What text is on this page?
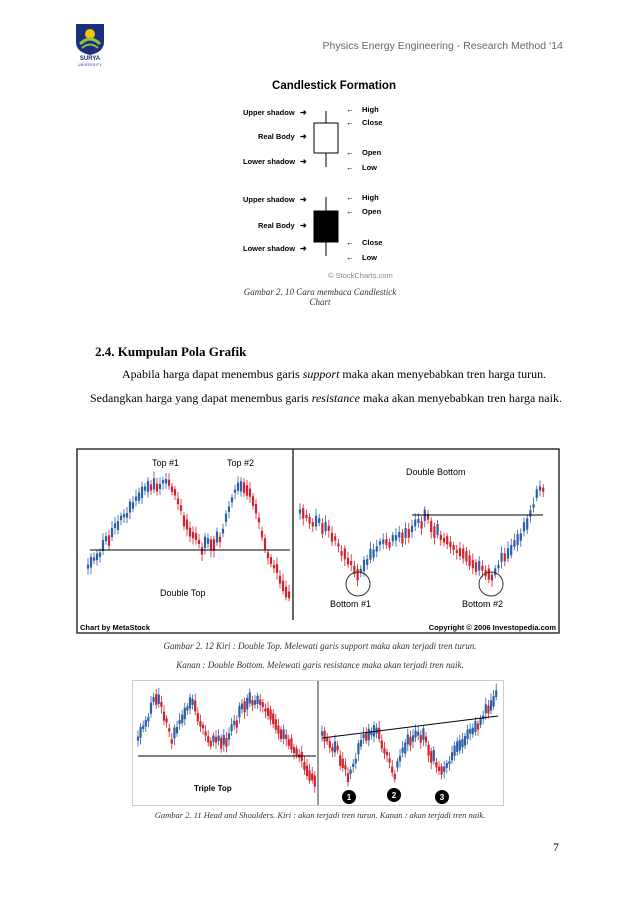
SURYA
UNIVERSITY
Physics Energy Engineering - Research Method ‘14
Candlestick Formation
Upper shadow ➜
Real Body ➜
Lower shadow ➜
← High
← Close
← Open
← Low
Upper shadow ➜
Real Body ➜
Lower shadow ➜
← High
← Open
← Close
← Low
© StockCharts.com
Gambar 2. 10 Cara membaca Candlestick
Chart
2.4. Kumpulan Pola Grafik
Apabila harga dapat menembus garis support maka akan menyebabkan tren harga turun.
Sedangkan harga yang dapat menembus garis resistance maka akan menyebabkan tren harga naik.
Top #1	Top #2
Double Top
Double Bottom
Bottom #1	Bottom #2
Chart by MetaStock	Copyright © 2006 Investopedia.com
Gambar 2. 12 Kiri : Double Top. Melewati garis support maka akan terjadi tren turun.
Kanan : Double Bottom. Melewati garis resistance maka akan terjadi tren naik.
Triple Top
1	2	3
Gambar 2. 11 Head and Shoulders. Kiri : akan terjadi tren turun. Kanan : akan terjadi tren naik.
7
